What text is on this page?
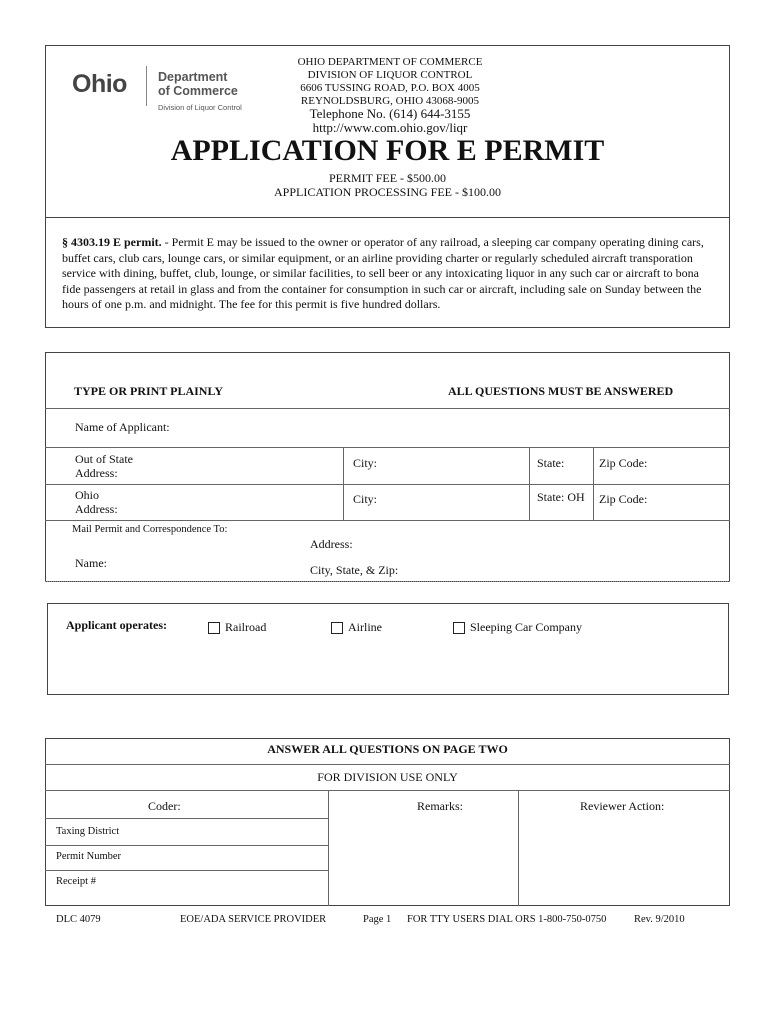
Ohio Department
of Commerce
Division of Liquor Control
OHIO DEPARTMENT OF COMMERCE
DIVISION OF LIQUOR CONTROL
6606 TUSSING ROAD, P.O. BOX 4005
REYNOLDSBURG, OHIO 43068-9005
Telephone No. (614) 644-3155
http://www.com.ohio.gov/liqr
APPLICATION FOR E PERMIT
PERMIT FEE - $500.00
APPLICATION PROCESSING FEE - $100.00
§ 4303.19 E permit. - Permit E may be issued to the owner or operator of any railroad, a sleeping car company operating dining cars, buffet cars, club cars, lounge cars, or similar equipment, or an airline providing charter or regularly scheduled aircraft transporation service with dining, buffet, club, lounge, or similar facilities, to sell beer or any intoxicating liquor in any such car or aircraft to bona fide passengers at retail in glass and from the container for consumption in such car or aircraft, including sale on Sunday between the hours of one p.m. and midnight. The fee for this permit is five hundred dollars.
TYPE OR PRINT PLAINLY	ALL QUESTIONS MUST BE ANSWERED
Name of Applicant:
Out of State
Address:
City:	State:	Zip Code:
Ohio
Address:
City:	State: OH Zip Code:
Mail Permit and Correspondence To:
Address:
Name:	City, State, & Zip:
Applicant operates:	Railroad	Airline	Sleeping Car Company
ANSWER ALL QUESTIONS ON PAGE TWO
FOR DIVISION USE ONLY
Coder:	Remarks:	Reviewer Action:
Taxing District
Permit Number
Receipt #
DLC 4079	EOE/ADA SERVICE PROVIDER	Page 1 FOR TTY USERS DIAL ORS 1-800-750-0750	Rev. 9/2010
